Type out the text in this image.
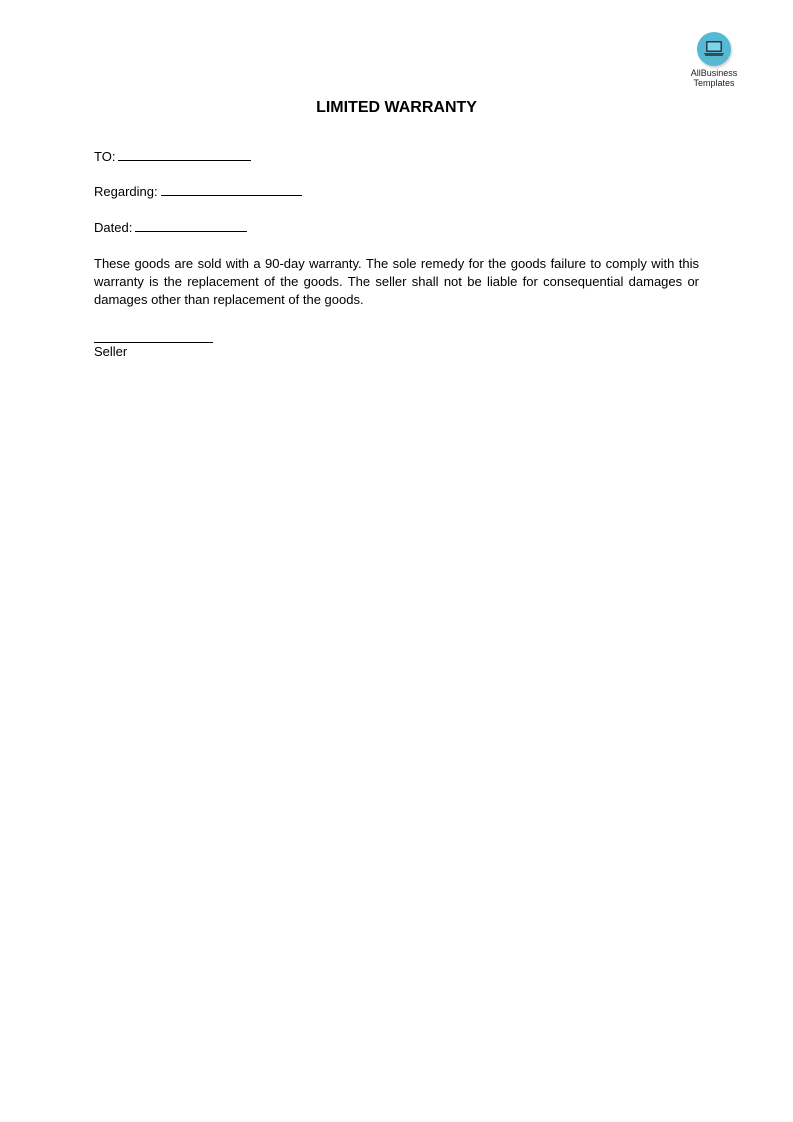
AllBusiness
Templates
LIMITED WARRANTY
TO:
Regarding:
Dated:
These goods are sold with a 90-day warranty. The sole remedy for the goods failure to comply with this warranty is the replacement of the goods. The seller shall not be liable for consequential damages or damages other than replacement of the goods.
Seller
